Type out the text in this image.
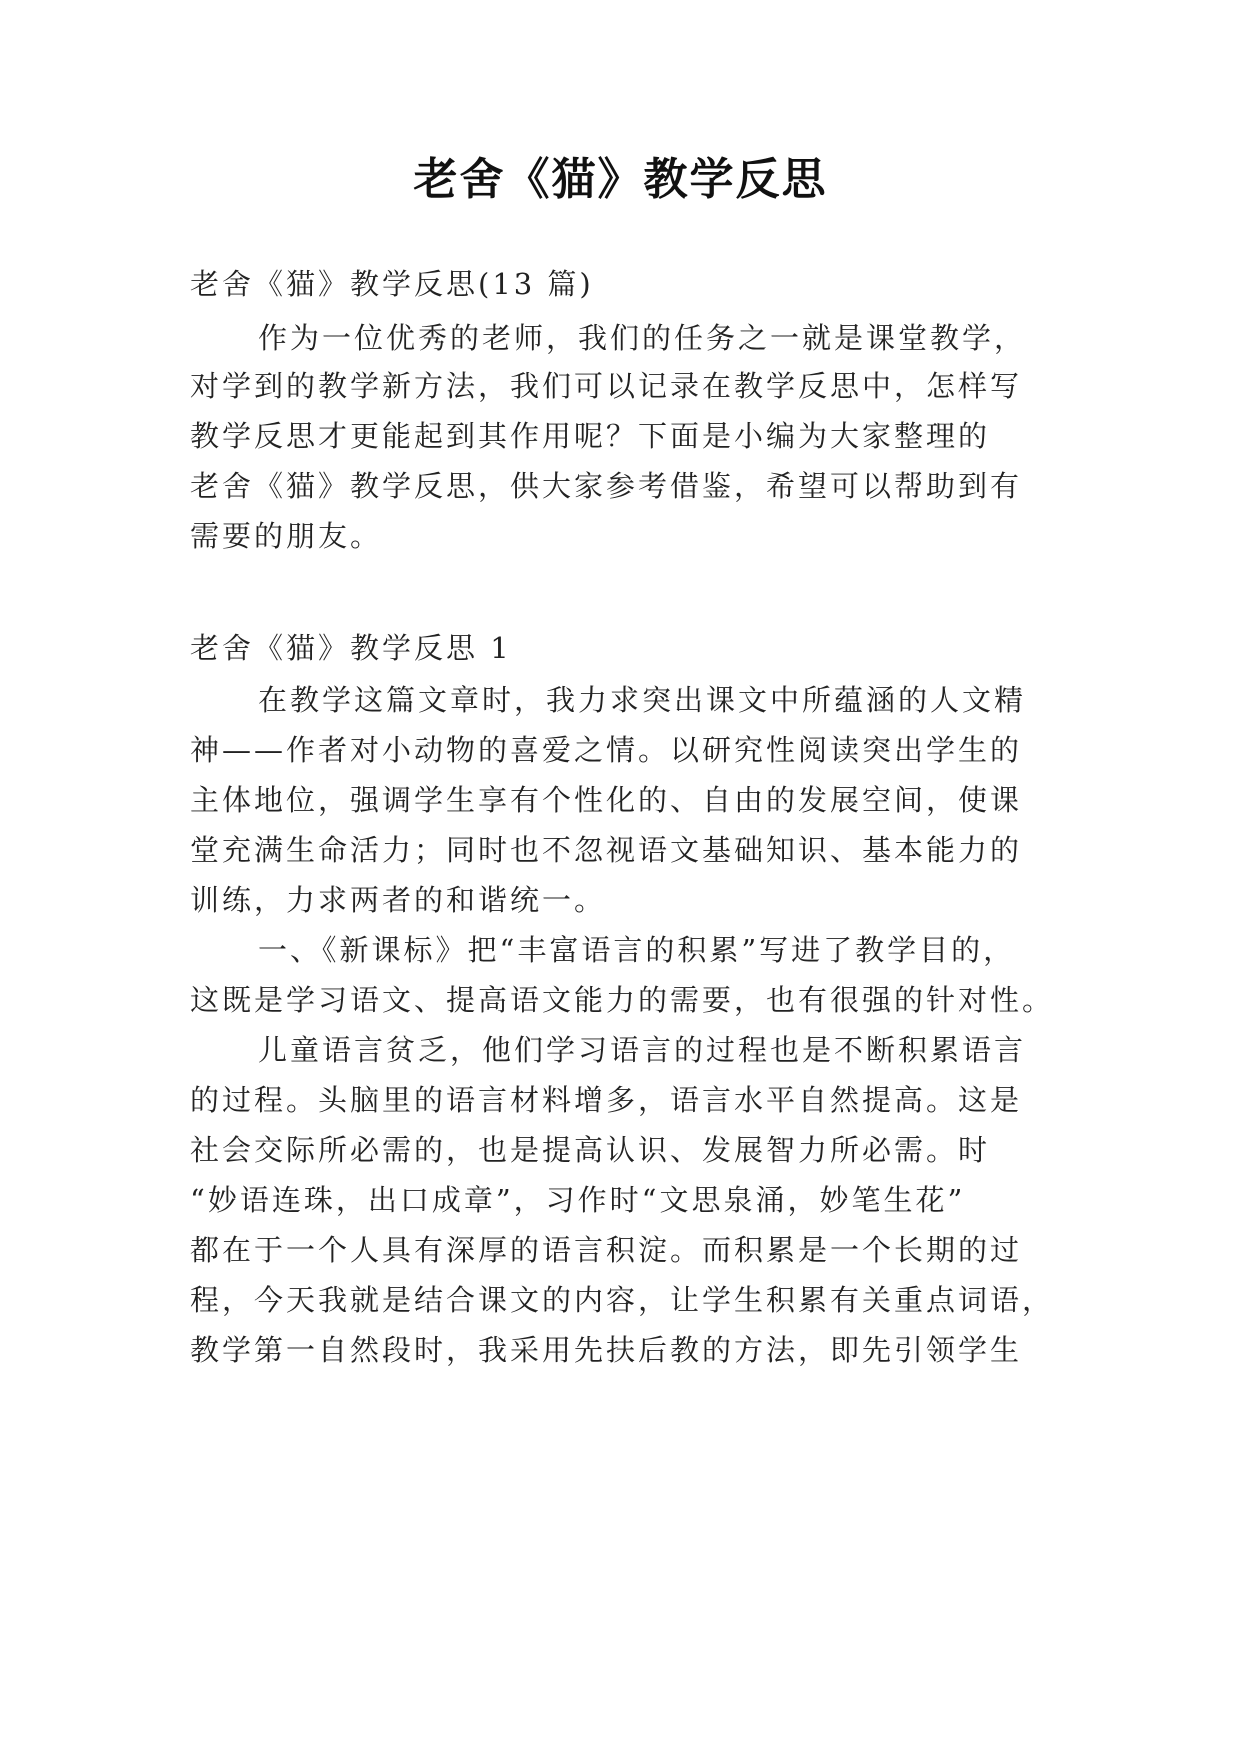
老舍《猫》教学反思
老舍《猫》教学反思(13 篇)
作为一位优秀的老师，我们的任务之一就是课堂教学，
对学到的教学新方法，我们可以记录在教学反思中，怎样写
教学反思才更能起到其作用呢？下面是小编为大家整理的
老舍《猫》教学反思，供大家参考借鉴，希望可以帮助到有
需要的朋友。
老舍《猫》教学反思 1
在教学这篇文章时，我力求突出课文中所蕴涵的人文精
神——作者对小动物的喜爱之情。以研究性阅读突出学生的
主体地位，强调学生享有个性化的、自由的发展空间，使课
堂充满生命活力；同时也不忽视语文基础知识、基本能力的
训练，力求两者的和谐统一。
一、《新课标》把“丰富语言的积累”写进了教学目的，
这既是学习语文、提高语文能力的需要，也有很强的针对性。
儿童语言贫乏，他们学习语言的过程也是不断积累语言
的过程。头脑里的语言材料增多，语言水平自然提高。这是
社会交际所必需的，也是提高认识、发展智力所必需。时
“妙语连珠，出口成章”，习作时“文思泉涌，妙笔生花”
都在于一个人具有深厚的语言积淀。而积累是一个长期的过
程，今天我就是结合课文的内容，让学生积累有关重点词语，
教学第一自然段时，我采用先扶后教的方法，即先引领学生
